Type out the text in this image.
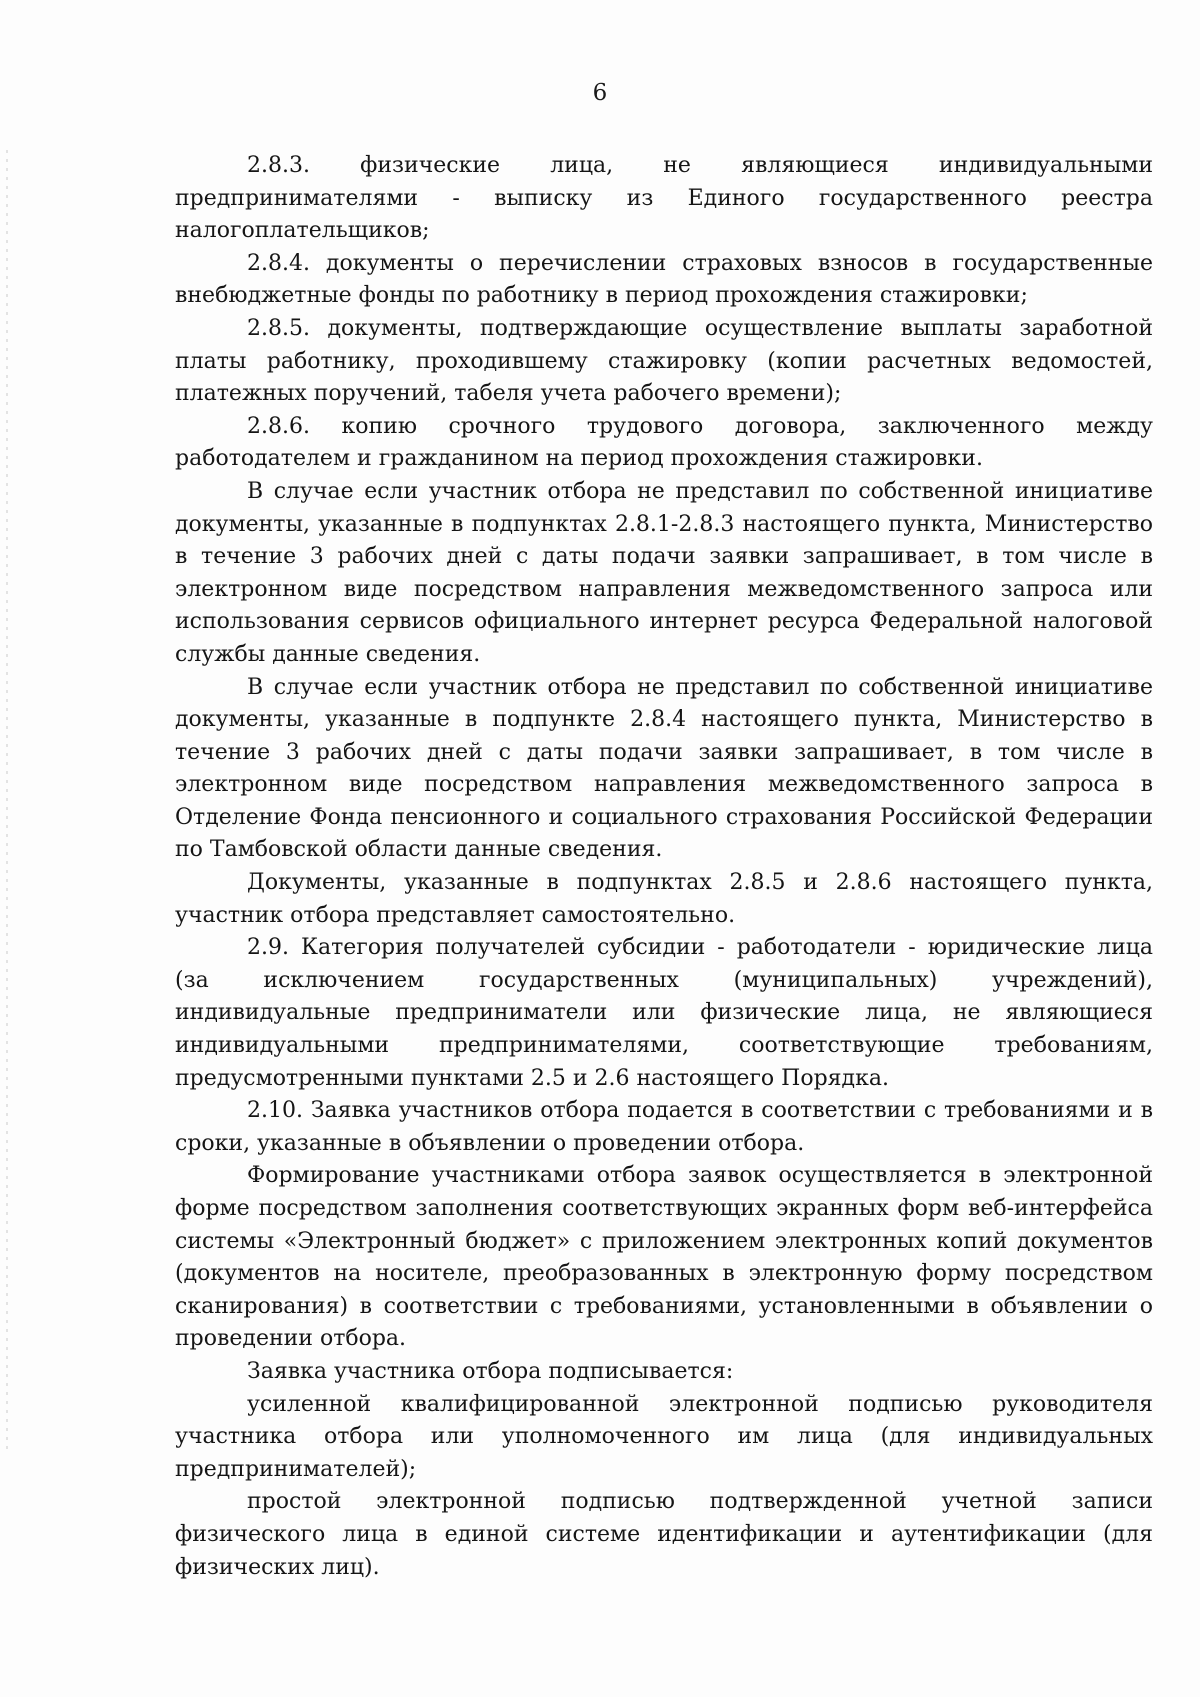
6

2.8.3. физические лица, не являющиеся индивидуальными предпринимателями - выписку из Единого государственного реестра налогоплательщиков;

2.8.4. документы о перечислении страховых взносов в государственные внебюджетные фонды по работнику в период прохождения стажировки;

2.8.5. документы, подтверждающие осуществление выплаты заработной платы работнику, проходившему стажировку (копии расчетных ведомостей, платежных поручений, табеля учета рабочего времени);

2.8.6. копию срочного трудового договора, заключенного между работодателем и гражданином на период прохождения стажировки.

В случае если участник отбора не представил по собственной инициативе документы, указанные в подпунктах 2.8.1-2.8.3 настоящего пункта, Министерство в течение 3 рабочих дней с даты подачи заявки запрашивает, в том числе в электронном виде посредством направления межведомственного запроса или использования сервисов официального интернет ресурса Федеральной налоговой службы данные сведения.

В случае если участник отбора не представил по собственной инициативе документы, указанные в подпункте 2.8.4 настоящего пункта, Министерство в течение 3 рабочих дней с даты подачи заявки запрашивает, в том числе в электронном виде посредством направления межведомственного запроса в Отделение Фонда пенсионного и социального страхования Российской Федерации по Тамбовской области данные сведения.

Документы, указанные в подпунктах 2.8.5 и 2.8.6 настоящего пункта, участник отбора представляет самостоятельно.

2.9. Категория получателей субсидии - работодатели - юридические лица (за исключением государственных (муниципальных) учреждений), индивидуальные предприниматели или физические лица, не являющиеся индивидуальными предпринимателями, соответствующие требованиям, предусмотренными пунктами 2.5 и 2.6 настоящего Порядка.

2.10. Заявка участников отбора подается в соответствии с требованиями и в сроки, указанные в объявлении о проведении отбора.

Формирование участниками отбора заявок осуществляется в электронной форме посредством заполнения соответствующих экранных форм веб-интерфейса системы «Электронный бюджет» с приложением электронных копий документов (документов на носителе, преобразованных в электронную форму посредством сканирования) в соответствии с требованиями, установленными в объявлении о проведении отбора.

Заявка участника отбора подписывается:

усиленной квалифицированной электронной подписью руководителя участника отбора или уполномоченного им лица (для индивидуальных предпринимателей);

простой электронной подписью подтвержденной учетной записи физического лица в единой системе идентификации и аутентификации (для физических лиц).
